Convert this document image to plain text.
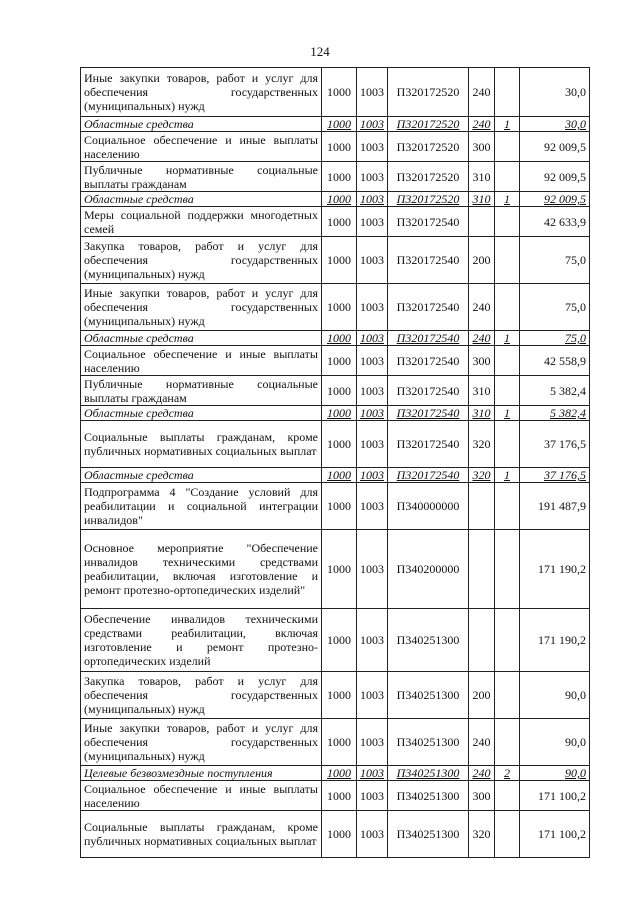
124
Иные закупки товаров, работ и услуг для обеспечения государственных (муниципальных) нужд	1000	1003	П320172520	240		30,0
Областные средства	1000	1003	П320172520	240	1	30,0
Социальное обеспечение и иные выплаты населению	1000	1003	П320172520	300		92 009,5
Публичные нормативные социальные выплаты гражданам	1000	1003	П320172520	310		92 009,5
Областные средства	1000	1003	П320172520	310	1	92 009,5
Меры социальной поддержки многодетных семей	1000	1003	П320172540			42 633,9
Закупка товаров, работ и услуг для обеспечения государственных (муниципальных) нужд	1000	1003	П320172540	200		75,0
Иные закупки товаров, работ и услуг для обеспечения государственных (муниципальных) нужд	1000	1003	П320172540	240		75,0
Областные средства	1000	1003	П320172540	240	1	75,0
Социальное обеспечение и иные выплаты населению	1000	1003	П320172540	300		42 558,9
Публичные нормативные социальные выплаты гражданам	1000	1003	П320172540	310		5 382,4
Областные средства	1000	1003	П320172540	310	1	5 382,4
Социальные выплаты гражданам, кроме публичных нормативных социальных выплат	1000	1003	П320172540	320		37 176,5
Областные средства	1000	1003	П320172540	320	1	37 176,5
Подпрограмма 4 "Создание условий для реабилитации и социальной интеграции инвалидов"	1000	1003	П340000000			191 487,9
Основное мероприятие "Обеспечение инвалидов техническими средствами реабилитации, включая изготовление и ремонт протезно-ортопедических изделий"	1000	1003	П340200000			171 190,2
Обеспечение инвалидов техническими средствами реабилитации, включая изготовление и ремонт протезно-ортопедических изделий	1000	1003	П340251300			171 190,2
Закупка товаров, работ и услуг для обеспечения государственных (муниципальных) нужд	1000	1003	П340251300	200		90,0
Иные закупки товаров, работ и услуг для обеспечения государственных (муниципальных) нужд	1000	1003	П340251300	240		90,0
Целевые безвозмездные поступления	1000	1003	П340251300	240	2	90,0
Социальное обеспечение и иные выплаты населению	1000	1003	П340251300	300		171 100,2
Социальные выплаты гражданам, кроме публичных нормативных социальных выплат	1000	1003	П340251300	320		171 100,2
